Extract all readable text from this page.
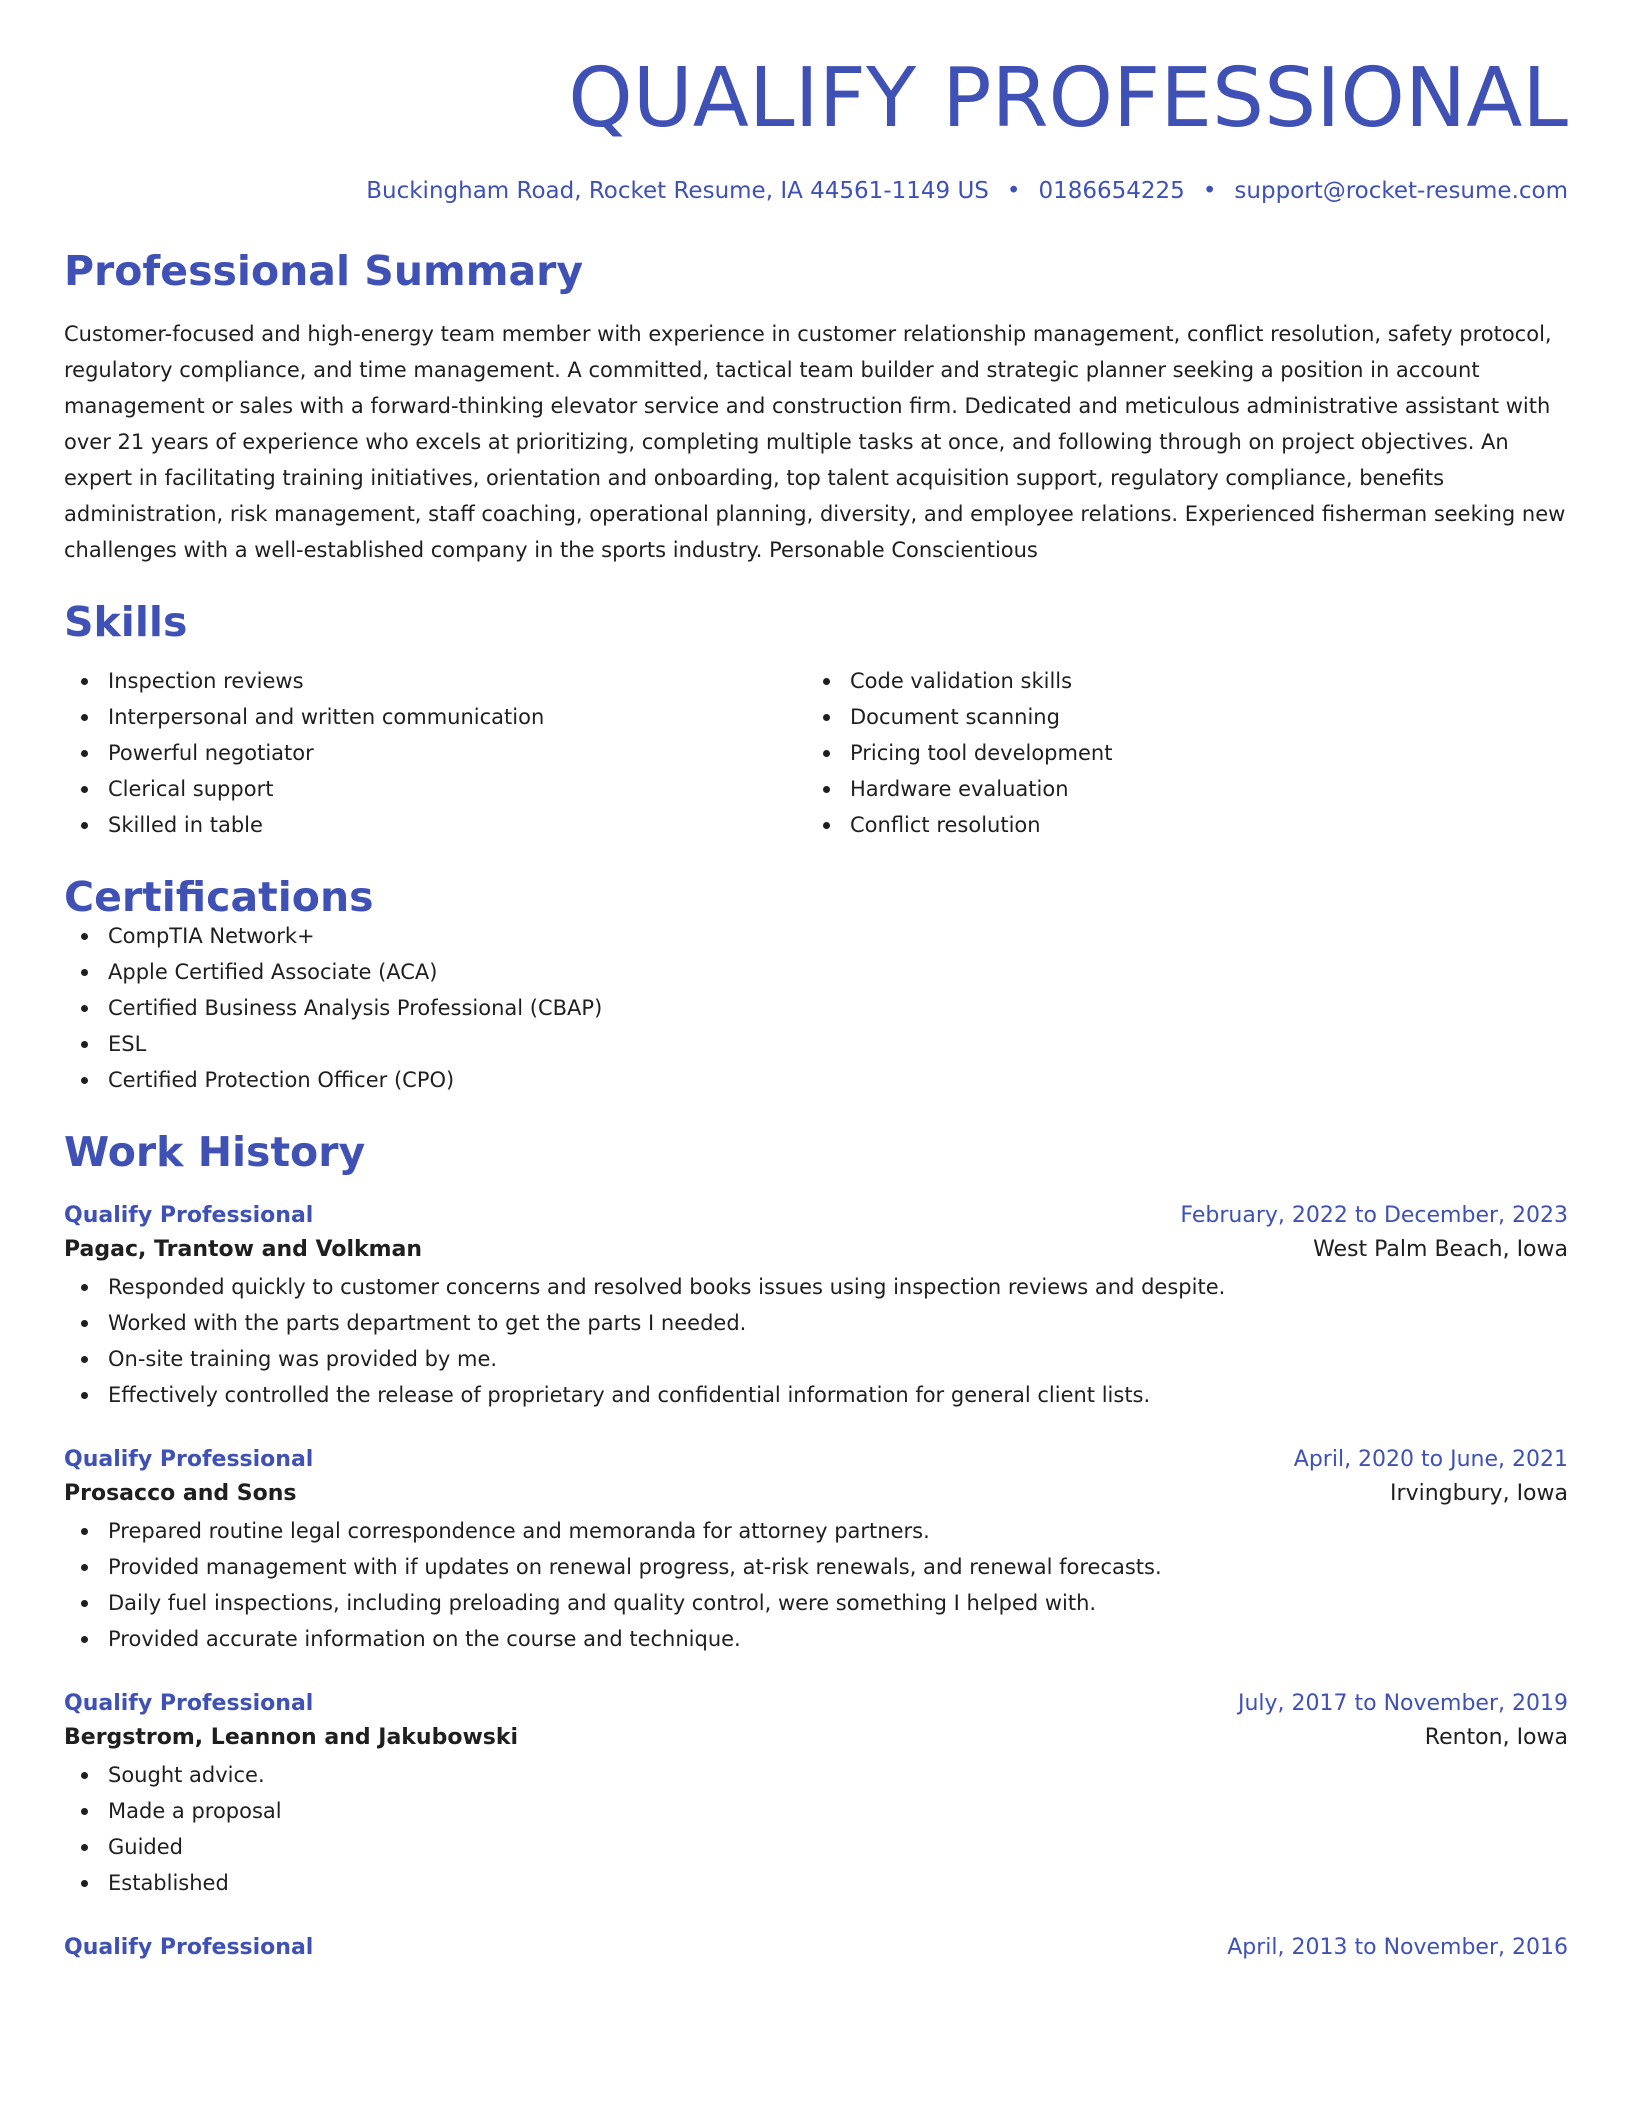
QUALIFY PROFESSIONAL
Buckingham Road, Rocket Resume, IA 44561-1149 US • 0186654225 • support@rocket-resume.com
Professional Summary
Customer-focused and high-energy team member with experience in customer relationship management, conflict resolution, safety protocol, regulatory compliance, and time management. A committed, tactical team builder and strategic planner seeking a position in account management or sales with a forward-thinking elevator service and construction firm. Dedicated and meticulous administrative assistant with over 21 years of experience who excels at prioritizing, completing multiple tasks at once, and following through on project objectives. An expert in facilitating training initiatives, orientation and onboarding, top talent acquisition support, regulatory compliance, benefits administration, risk management, staff coaching, operational planning, diversity, and employee relations. Experienced fisherman seeking new challenges with a well-established company in the sports industry. Personable Conscientious
Skills
Inspection reviews
Interpersonal and written communication
Powerful negotiator
Clerical support
Skilled in table
Code validation skills
Document scanning
Pricing tool development
Hardware evaluation
Conflict resolution
Certifications
CompTIA Network+
Apple Certified Associate (ACA)
Certified Business Analysis Professional (CBAP)
ESL
Certified Protection Officer (CPO)
Work History
Qualify Professional	February, 2022 to December, 2023
Pagac, Trantow and Volkman	West Palm Beach, Iowa
Responded quickly to customer concerns and resolved books issues using inspection reviews and despite.
Worked with the parts department to get the parts I needed.
On-site training was provided by me.
Effectively controlled the release of proprietary and confidential information for general client lists.
Qualify Professional	April, 2020 to June, 2021
Prosacco and Sons	Irvingbury, Iowa
Prepared routine legal correspondence and memoranda for attorney partners.
Provided management with if updates on renewal progress, at-risk renewals, and renewal forecasts.
Daily fuel inspections, including preloading and quality control, were something I helped with.
Provided accurate information on the course and technique.
Qualify Professional	July, 2017 to November, 2019
Bergstrom, Leannon and Jakubowski	Renton, Iowa
Sought advice.
Made a proposal
Guided
Established
Qualify Professional	April, 2013 to November, 2016
